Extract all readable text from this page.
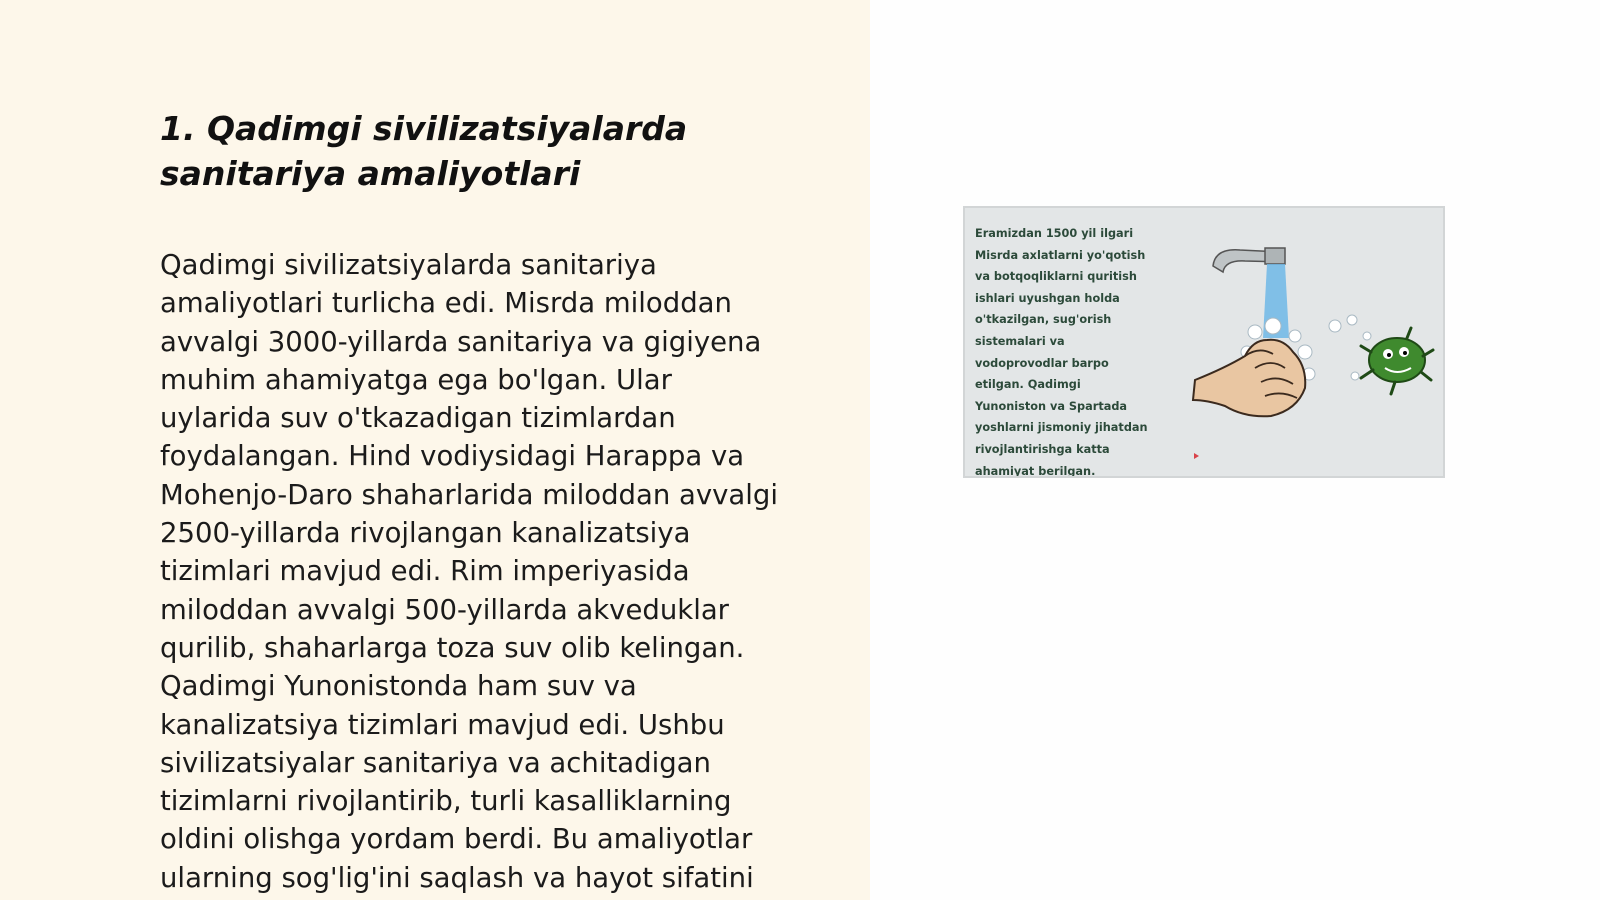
1. Qadimgi sivilizatsiyalarda
sanitariya amaliyotlari

Qadimgi sivilizatsiyalarda sanitariya
amaliyotlari turlicha edi. Misrda miloddan
avvalgi 3000-yillarda sanitariya va gigiyena
muhim ahamiyatga ega bo'lgan. Ular
uylarida suv o'tkazadigan tizimlardan
foydalangan. Hind vodiysidagi Harappa va
Mohenjo-Daro shaharlarida miloddan avvalgi
2500-yillarda rivojlangan kanalizatsiya
tizimlari mavjud edi. Rim imperiyasida
miloddan avvalgi 500-yillarda akveduklar
qurilib, shaharlarga toza suv olib kelingan.
Qadimgi Yunonistonda ham suv va
kanalizatsiya tizimlari mavjud edi. Ushbu
sivilizatsiyalar sanitariya va achitadigan
tizimlarni rivojlantirib, turli kasalliklarning
oldini olishga yordam berdi. Bu amaliyotlar
ularning sog'lig'ini saqlash va hayot sifatini

Eramizdan 1500 yil ilgari
Misrda axlatlarni yo'qotish
va botqoqliklarni quritish
ishlari uyushgan holda
o'tkazilgan, sug'orish
sistemalari va
vodoprovodlar barpo
etilgan. Qadimgi
Yunoniston va Spartada
yoshlarni jismoniy jihatdan
rivojlantirishga katta
ahamiyat berilgan.
